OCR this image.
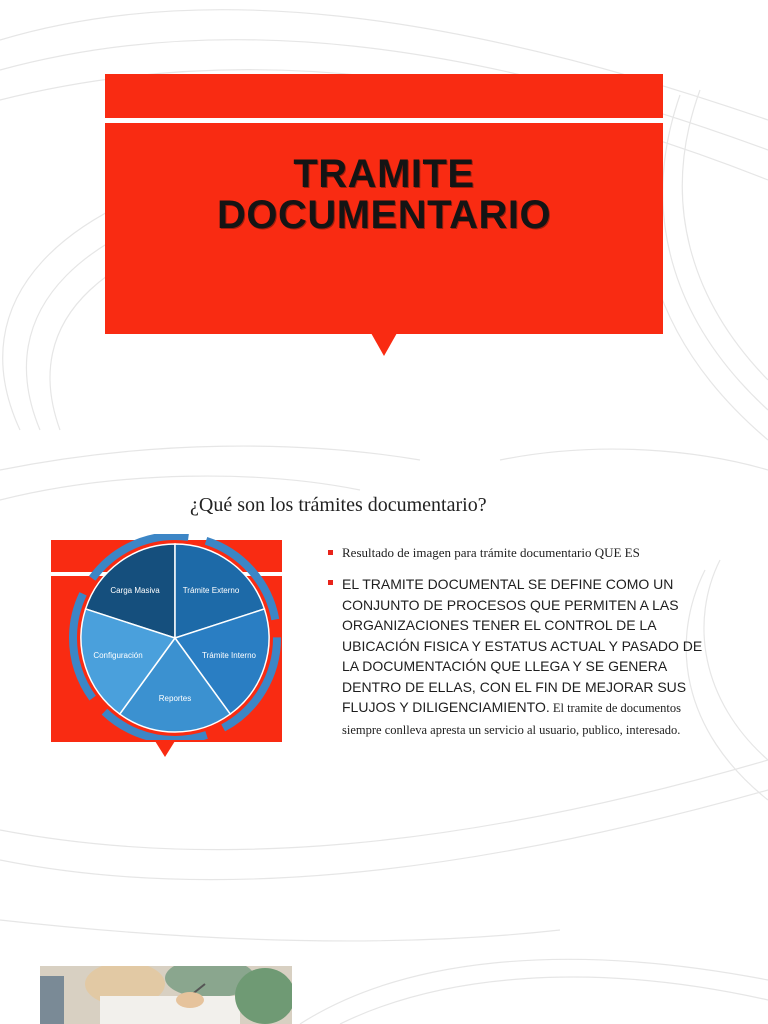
TRAMITE
DOCUMENTARIO
¿Qué son los trámites documentario?
Carga Masiva	Trámite Externo
Trámite Interno
Reportes
Configuración
Resultado de imagen para trámite documentario QUE ES
EL TRAMITE DOCUMENTAL SE DEFINE COMO UN CONJUNTO DE PROCESOS QUE PERMITEN A LAS ORGANIZACIONES TENER EL CONTROL DE LA UBICACIÓN FISICA Y ESTATUS ACTUAL Y PASADO DE LA DOCUMENTACIÓN QUE LLEGA Y SE GENERA DENTRO DE ELLAS, CON EL FIN DE MEJORAR SUS FLUJOS Y DILIGENCIAMIENTO. El tramite de documentos siempre conlleva apresta un servicio al usuario, publico, interesado.
